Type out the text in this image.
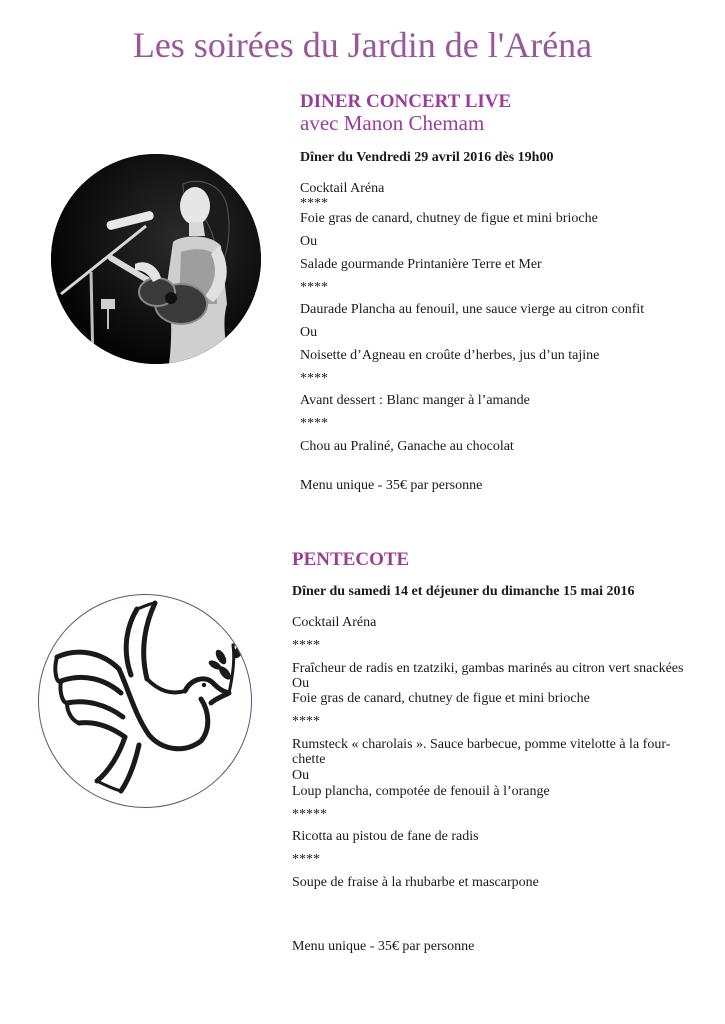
Les soirées du Jardin de l'Aréna
DINER CONCERT LIVE
avec Manon Chemam
Dîner du Vendredi 29 avril 2016 dès 19h00
Cocktail Aréna
****
Foie gras de canard, chutney de figue et mini brioche
Ou
Salade gourmande Printanière Terre et Mer
****
Daurade Plancha au fenouil, une sauce vierge au citron confit
Ou
Noisette d’Agneau en croûte d’herbes, jus d’un tajine
****
Avant dessert : Blanc manger à l’amande
****
Chou au Praliné, Ganache au chocolat
Menu unique - 35€ par personne
PENTECOTE
Dîner du samedi 14 et déjeuner du dimanche 15 mai 2016
Cocktail Aréna
****
Fraîcheur de radis en tzatziki, gambas marinés au citron vert snackées
Ou
Foie gras de canard, chutney de figue et mini brioche
****
Rumsteck « charolais ». Sauce barbecue, pomme vitelotte à la four-chette
Ou
Loup plancha, compotée de fenouil à l’orange
*****
Ricotta au pistou de fane de radis
****
Soupe de fraise à la rhubarbe et mascarpone
Menu unique - 35€ par personne
